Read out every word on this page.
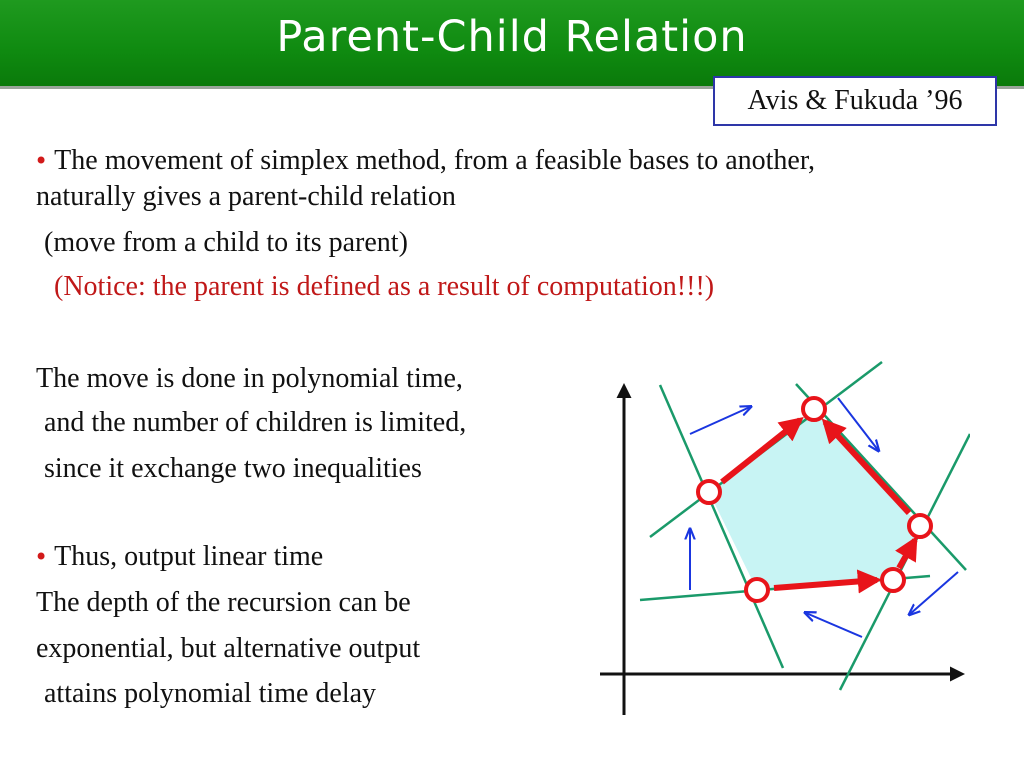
Parent-Child Relation
Avis & Fukuda ’96
• The movement of simplex method, from a feasible bases to another,
naturally gives a parent-child relation
(move from a child to its parent)
(Notice: the parent is defined as a result of computation!!!)
The move is done in polynomial time,
and the number of children is limited,
since it exchange two inequalities
• Thus, output linear time
The depth of the recursion can be
exponential, but alternative output
attains polynomial time delay
